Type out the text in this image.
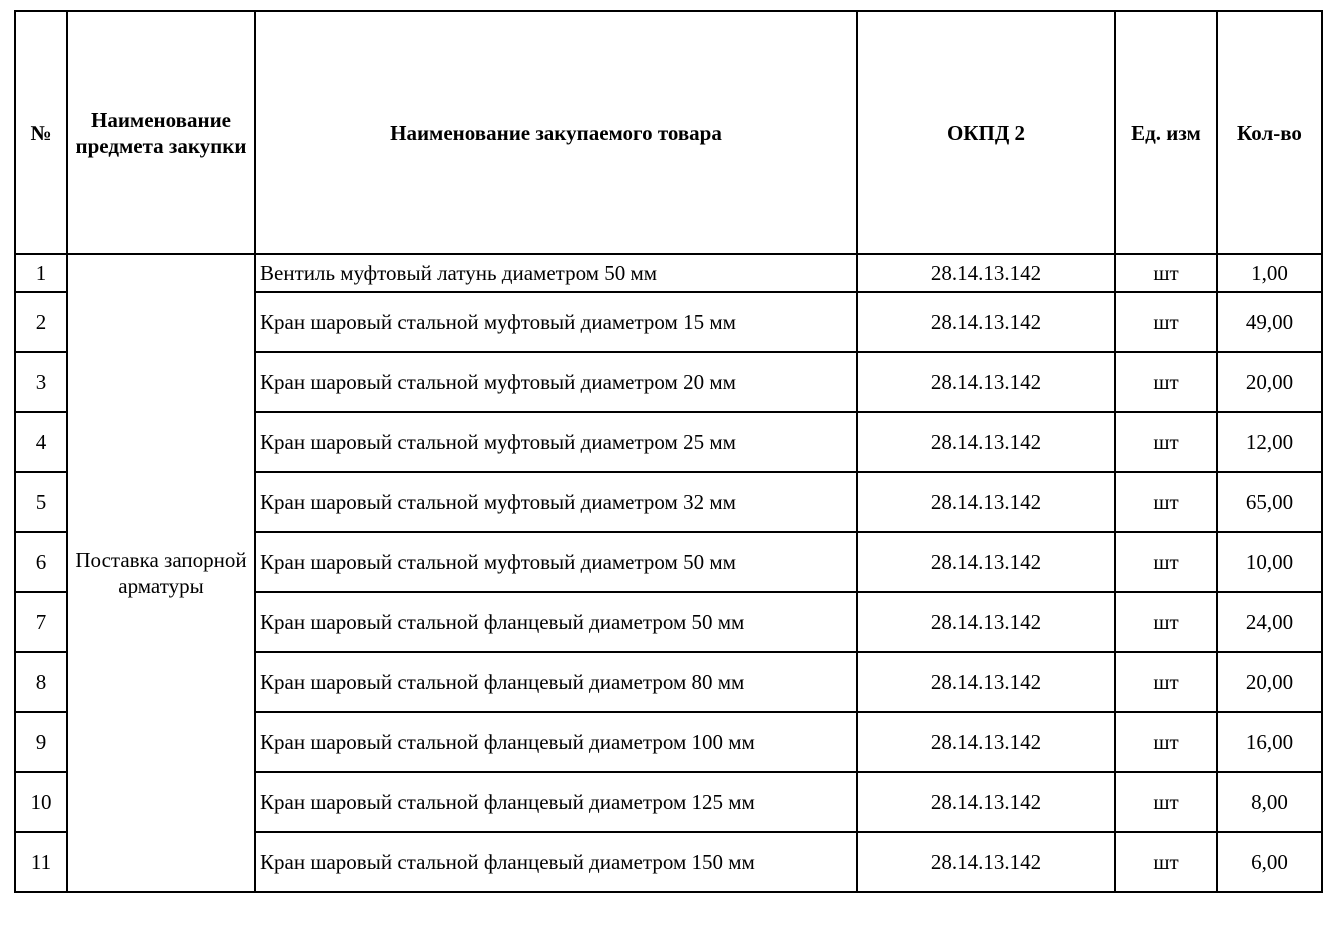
№	Наименование предмета закупки	Наименование закупаемого товара	ОКПД 2	Ед. изм	Кол-во
1	Поставка запорной арматуры	Вентиль муфтовый латунь диаметром 50 мм	28.14.13.142	шт	1,00
2		Кран шаровый стальной муфтовый диаметром 15 мм	28.14.13.142	шт	49,00
3		Кран шаровый стальной муфтовый диаметром 20 мм	28.14.13.142	шт	20,00
4		Кран шаровый стальной муфтовый диаметром 25 мм	28.14.13.142	шт	12,00
5		Кран шаровый стальной муфтовый диаметром 32 мм	28.14.13.142	шт	65,00
6		Кран шаровый стальной муфтовый диаметром 50 мм	28.14.13.142	шт	10,00
7		Кран шаровый стальной фланцевый диаметром 50 мм	28.14.13.142	шт	24,00
8		Кран шаровый стальной фланцевый диаметром 80 мм	28.14.13.142	шт	20,00
9		Кран шаровый стальной фланцевый диаметром 100 мм	28.14.13.142	шт	16,00
10		Кран шаровый стальной фланцевый диаметром 125 мм	28.14.13.142	шт	8,00
11		Кран шаровый стальной фланцевый диаметром 150 мм	28.14.13.142	шт	6,00
